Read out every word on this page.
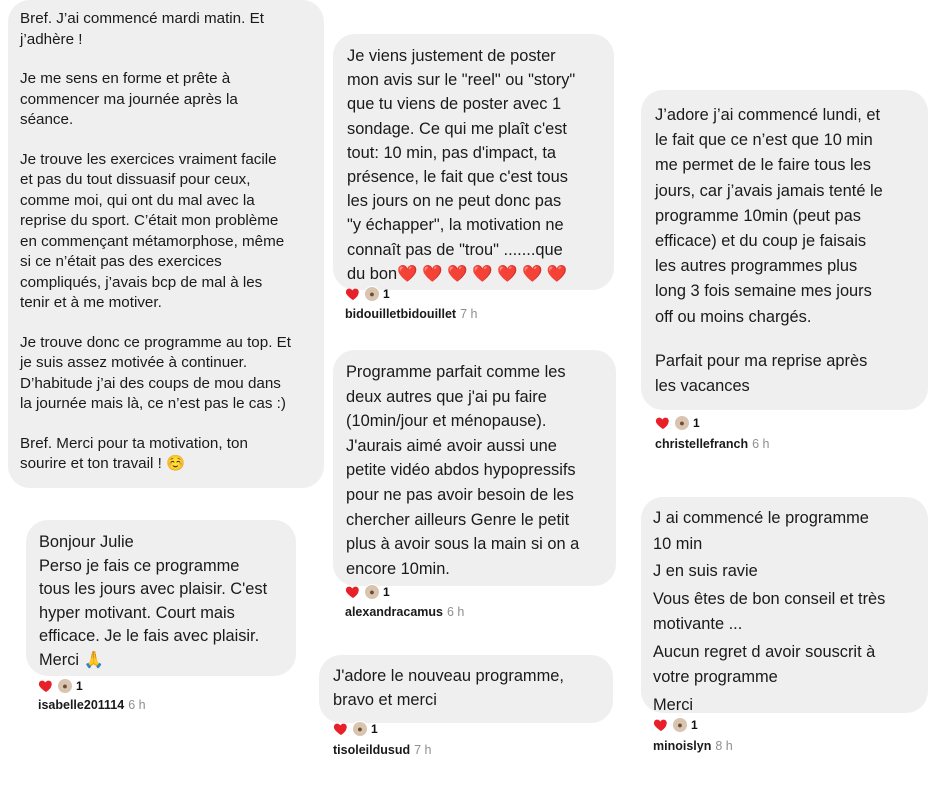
Bref. J’ai commencé mardi matin. Et
j’adhère !

Je me sens en forme et prête à
commencer ma journée après la
séance.

Je trouve les exercices vraiment facile
et pas du tout dissuasif pour ceux,
comme moi, qui ont du mal avec la
reprise du sport. C’était mon problème
en commençant métamorphose, même
si ce n’était pas des exercices
compliqués, j’avais bcp de mal à les
tenir et à me motiver.

Je trouve donc ce programme au top. Et
je suis assez motivée à continuer.
D’habitude j’ai des coups de mou dans
la journée mais là, ce n’est pas le cas :)

Bref. Merci pour ta motivation, ton
sourire et ton travail ! ☺️

Bonjour Julie

Perso je fais ce programme
tous les jours avec plaisir. C'est
hyper motivant. Court mais
efficace. Je le fais avec plaisir.
Merci 🙏

● 1
isabelle201114 6 h

Je viens justement de poster
mon avis sur le "reel" ou "story"
que tu viens de poster avec 1
sondage. Ce qui me plaît c'est
tout: 10 min, pas d'impact, ta
présence, le fait que c'est tous
les jours on ne peut donc pas
"y échapper", la motivation ne
connaît pas de "trou" .......que
du bon❤️ ❤️ ❤️ ❤️ ❤️ ❤️ ❤️

● 1
bidouilletbidouillet 7 h

Programme parfait comme les
deux autres que j'ai pu faire
(10min/jour et ménopause).
J'aurais aimé avoir aussi une
petite vidéo abdos hypopressifs
pour ne pas avoir besoin de les
chercher ailleurs Genre le petit
plus à avoir sous la main si on a
encore 10min.

● 1
alexandracamus 6 h

J'adore le nouveau programme,
bravo et merci

● 1
tisoleildusud 7 h

J’adore j’ai commencé lundi, et
le fait que ce n’est que 10 min
me permet de le faire tous les
jours, car j’avais jamais tenté le
programme 10min (peut pas
efficace) et du coup je faisais
les autres programmes plus
long 3 fois semaine mes jours
off ou moins chargés.

Parfait pour ma reprise après
les vacances

● 1
christellefranch 6 h

J ai commencé le programme
10 min

J en suis ravie

Vous êtes de bon conseil et très
motivante ...

Aucun regret d avoir souscrit à
votre programme

Merci

● 1
minoislyn 8 h
